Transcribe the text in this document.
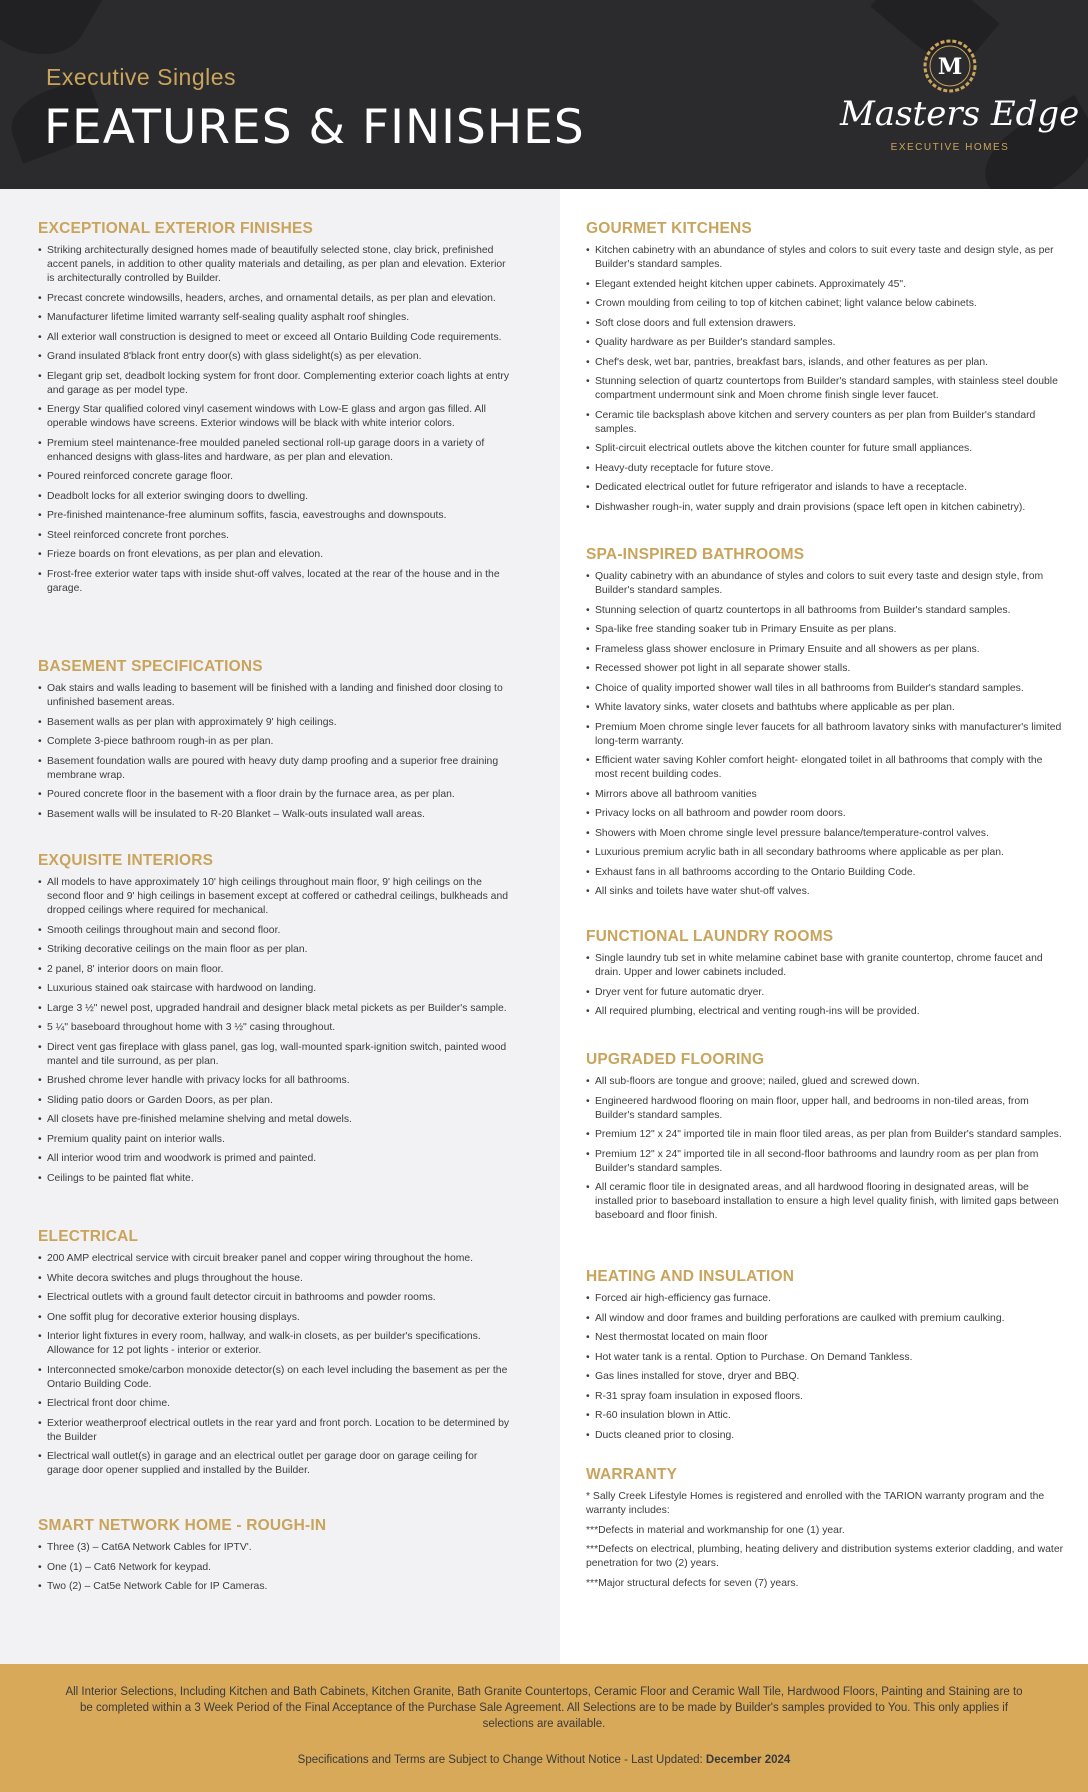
Executive Singles
FEATURES & FINISHES
M
Masters Edge
EXECUTIVE HOMES
EXCEPTIONAL EXTERIOR FINISHES
• Striking architecturally designed homes made of beautifully selected stone, clay brick, prefinished accent panels, in addition to other quality materials and detailing, as per plan and elevation. Exterior is architecturally controlled by Builder.
• Precast concrete windowsills, headers, arches, and ornamental details, as per plan and elevation.
• Manufacturer lifetime limited warranty self-sealing quality asphalt roof shingles.
• All exterior wall construction is designed to meet or exceed all Ontario Building Code requirements.
• Grand insulated 8'black front entry door(s) with glass sidelight(s) as per elevation.
• Elegant grip set, deadbolt locking system for front door. Complementing exterior coach lights at entry and garage as per model type.
• Energy Star qualified colored vinyl casement windows with Low-E glass and argon gas filled. All operable windows have screens. Exterior windows will be black with white interior colors.
• Premium steel maintenance-free moulded paneled sectional roll-up garage doors in a variety of enhanced designs with glass-lites and hardware, as per plan and elevation.
• Poured reinforced concrete garage floor.
• Deadbolt locks for all exterior swinging doors to dwelling.
• Pre-finished maintenance-free aluminum soffits, fascia, eavestroughs and downspouts.
• Steel reinforced concrete front porches.
• Frieze boards on front elevations, as per plan and elevation.
• Frost-free exterior water taps with inside shut-off valves, located at the rear of the house and in the garage.
BASEMENT SPECIFICATIONS
• Oak stairs and walls leading to basement will be finished with a landing and finished door closing to unfinished basement areas.
• Basement walls as per plan with approximately 9' high ceilings.
• Complete 3-piece bathroom rough-in as per plan.
• Basement foundation walls are poured with heavy duty damp proofing and a superior free draining membrane wrap.
• Poured concrete floor in the basement with a floor drain by the furnace area, as per plan.
• Basement walls will be insulated to R-20 Blanket – Walk-outs insulated wall areas.
EXQUISITE INTERIORS
• All models to have approximately 10' high ceilings throughout main floor, 9' high ceilings on the second floor and 9' high ceilings in basement except at coffered or cathedral ceilings, bulkheads and dropped ceilings where required for mechanical.
• Smooth ceilings throughout main and second floor.
• Striking decorative ceilings on the main floor as per plan.
• 2 panel, 8' interior doors on main floor.
• Luxurious stained oak staircase with hardwood on landing.
• Large 3 ½" newel post, upgraded handrail and designer black metal pickets as per Builder's sample.
• 5 ¼" baseboard throughout home with 3 ½" casing throughout.
• Direct vent gas fireplace with glass panel, gas log, wall-mounted spark-ignition switch, painted wood mantel and tile surround, as per plan.
• Brushed chrome lever handle with privacy locks for all bathrooms.
• Sliding patio doors or Garden Doors, as per plan.
• All closets have pre-finished melamine shelving and metal dowels.
• Premium quality paint on interior walls.
• All interior wood trim and woodwork is primed and painted.
• Ceilings to be painted flat white.
ELECTRICAL
• 200 AMP electrical service with circuit breaker panel and copper wiring throughout the home.
• White decora switches and plugs throughout the house.
• Electrical outlets with a ground fault detector circuit in bathrooms and powder rooms.
• One soffit plug for decorative exterior housing displays.
• Interior light fixtures in every room, hallway, and walk-in closets, as per builder's specifications. Allowance for 12 pot lights - interior or exterior.
• Interconnected smoke/carbon monoxide detector(s) on each level including the basement as per the Ontario Building Code.
• Electrical front door chime.
• Exterior weatherproof electrical outlets in the rear yard and front porch. Location to be determined by the Builder
• Electrical wall outlet(s) in garage and an electrical outlet per garage door on garage ceiling for garage door opener supplied and installed by the Builder.
SMART NETWORK HOME - ROUGH-IN
• Three (3) – Cat6A Network Cables for IPTV'.
• One (1) – Cat6 Network for keypad.
• Two (2) – Cat5e Network Cable for IP Cameras.
GOURMET KITCHENS
• Kitchen cabinetry with an abundance of styles and colors to suit every taste and design style, as per Builder's standard samples.
• Elegant extended height kitchen upper cabinets. Approximately 45".
• Crown moulding from ceiling to top of kitchen cabinet; light valance below cabinets.
• Soft close doors and full extension drawers.
• Quality hardware as per Builder's standard samples.
• Chef's desk, wet bar, pantries, breakfast bars, islands, and other features as per plan.
• Stunning selection of quartz countertops from Builder's standard samples, with stainless steel double compartment undermount sink and Moen chrome finish single lever faucet.
• Ceramic tile backsplash above kitchen and servery counters as per plan from Builder's standard samples.
• Split-circuit electrical outlets above the kitchen counter for future small appliances.
• Heavy-duty receptacle for future stove.
• Dedicated electrical outlet for future refrigerator and islands to have a receptacle.
• Dishwasher rough-in, water supply and drain provisions (space left open in kitchen cabinetry).
SPA-INSPIRED BATHROOMS
• Quality cabinetry with an abundance of styles and colors to suit every taste and design style, from Builder's standard samples.
• Stunning selection of quartz countertops in all bathrooms from Builder's standard samples.
• Spa-like free standing soaker tub in Primary Ensuite as per plans.
• Frameless glass shower enclosure in Primary Ensuite and all showers as per plans.
• Recessed shower pot light in all separate shower stalls.
• Choice of quality imported shower wall tiles in all bathrooms from Builder's standard samples.
• White lavatory sinks, water closets and bathtubs where applicable as per plan.
• Premium Moen chrome single lever faucets for all bathroom lavatory sinks with manufacturer's limited long-term warranty.
• Efficient water saving Kohler comfort height- elongated toilet in all bathrooms that comply with the most recent building codes.
• Mirrors above all bathroom vanities
• Privacy locks on all bathroom and powder room doors.
• Showers with Moen chrome single level pressure balance/temperature-control valves.
• Luxurious premium acrylic bath in all secondary bathrooms where applicable as per plan.
• Exhaust fans in all bathrooms according to the Ontario Building Code.
• All sinks and toilets have water shut-off valves.
FUNCTIONAL LAUNDRY ROOMS
• Single laundry tub set in white melamine cabinet base with granite countertop, chrome faucet and drain. Upper and lower cabinets included.
• Dryer vent for future automatic dryer.
• All required plumbing, electrical and venting rough-ins will be provided.
UPGRADED FLOORING
• All sub-floors are tongue and groove; nailed, glued and screwed down.
• Engineered hardwood flooring on main floor, upper hall, and bedrooms in non-tiled areas, from Builder's standard samples.
• Premium 12" x 24" imported tile in main floor tiled areas, as per plan from Builder's standard samples.
• Premium 12" x 24" imported tile in all second-floor bathrooms and laundry room as per plan from Builder's standard samples.
• All ceramic floor tile in designated areas, and all hardwood flooring in designated areas, will be installed prior to baseboard installation to ensure a high level quality finish, with limited gaps between baseboard and floor finish.
HEATING AND INSULATION
• Forced air high-efficiency gas furnace.
• All window and door frames and building perforations are caulked with premium caulking.
• Nest thermostat located on main floor
• Hot water tank is a rental. Option to Purchase. On Demand Tankless.
• Gas lines installed for stove, dryer and BBQ.
• R-31 spray foam insulation in exposed floors.
• R-60 insulation blown in Attic.
• Ducts cleaned prior to closing.
WARRANTY

* Sally Creek Lifestyle Homes is registered and enrolled with the TARION warranty program and the warranty includes:

***Defects in material and workmanship for one (1) year.

***Defects on electrical, plumbing, heating delivery and distribution systems exterior cladding, and water penetration for two (2) years.

***Major structural defects for seven (7) years.

All Interior Selections, Including Kitchen and Bath Cabinets, Kitchen Granite, Bath Granite Countertops, Ceramic Floor and Ceramic Wall Tile, Hardwood Floors, Painting and Staining are to be completed within a 3 Week Period of the Final Acceptance of the Purchase Sale Agreement. All Selections are to be made by Builder's samples provided to You. This only applies if selections are available.
Specifications and Terms are Subject to Change Without Notice - Last Updated: December 2024
